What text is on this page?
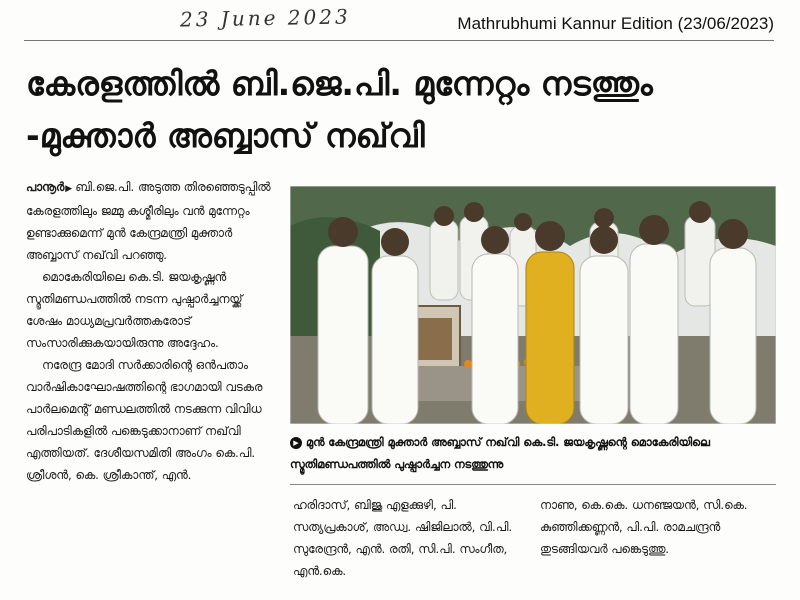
23 June 2023	Mathrubhumi Kannur Edition (23/06/2023)
കേരളത്തിൽ ബി.ജെ.പി. മുന്നേറ്റം നടത്തും -മുക്താർ അബ്ബാസ് നഖ്‌വി

പാനൂർ▶ ബി.ജെ.പി. അടുത്ത തിരഞ്ഞെടുപ്പിൽ കേരളത്തിലും ജമ്മു കശ്മീരിലും വൻ മുന്നേറ്റം ഉണ്ടാക്കുമെന്ന് മുൻ കേന്ദ്രമന്ത്രി മുക്താർ അബ്ബാസ് നഖ്‌വി പറഞ്ഞു.

മൊകേരിയിലെ കെ.ടി. ജയകൃഷ്ണൻ സ്മൃതിമണ്ഡപത്തിൽ നടന്ന പുഷ്പാർച്ചനയ്ക്ക് ശേഷം മാധ്യമപ്രവർത്തകരോട് സംസാരിക്കുകയായിരുന്നു അദ്ദേഹം.

നരേന്ദ്ര മോദി സർക്കാരിന്റെ ഒൻപതാം വാർഷികാഘോഷത്തിന്റെ ഭാഗമായി വടകര പാർലമെന്റ് മണ്ഡലത്തിൽ നടക്കുന്ന വിവിധ പരിപാടികളിൽ പങ്കെടുക്കാനാണ് നഖ്‌വി എത്തിയത്. ദേശീയസമിതി അംഗം കെ.പി. ശ്രീശൻ, കെ. ശ്രീകാന്ത്, എൻ.

▶ മുൻ കേന്ദ്രമന്ത്രി മുക്താർ അബ്ബാസ് നഖ്‌വി കെ.ടി. ജയകൃഷ്ണന്റെ മൊകേരിയിലെ സ്മൃതിമണ്ഡപത്തിൽ പുഷ്പാർച്ചന നടത്തുന്നു

ഹരിദാസ്, ബിജു എളക്കുഴി, പി. സത്യപ്രകാശ്, അഡ്വ. ഷിജിലാൽ, വി.പി. സുരേന്ദ്രൻ, എൻ. രതി, സി.പി. സംഗീത, എൻ.കെ.

നാണു, കെ.കെ. ധനഞ്ജയൻ, സി.കെ. കുഞ്ഞിക്കണ്ണൻ, പി.പി. രാമചന്ദ്രൻ തുടങ്ങിയവർ പങ്കെടുത്തു.
